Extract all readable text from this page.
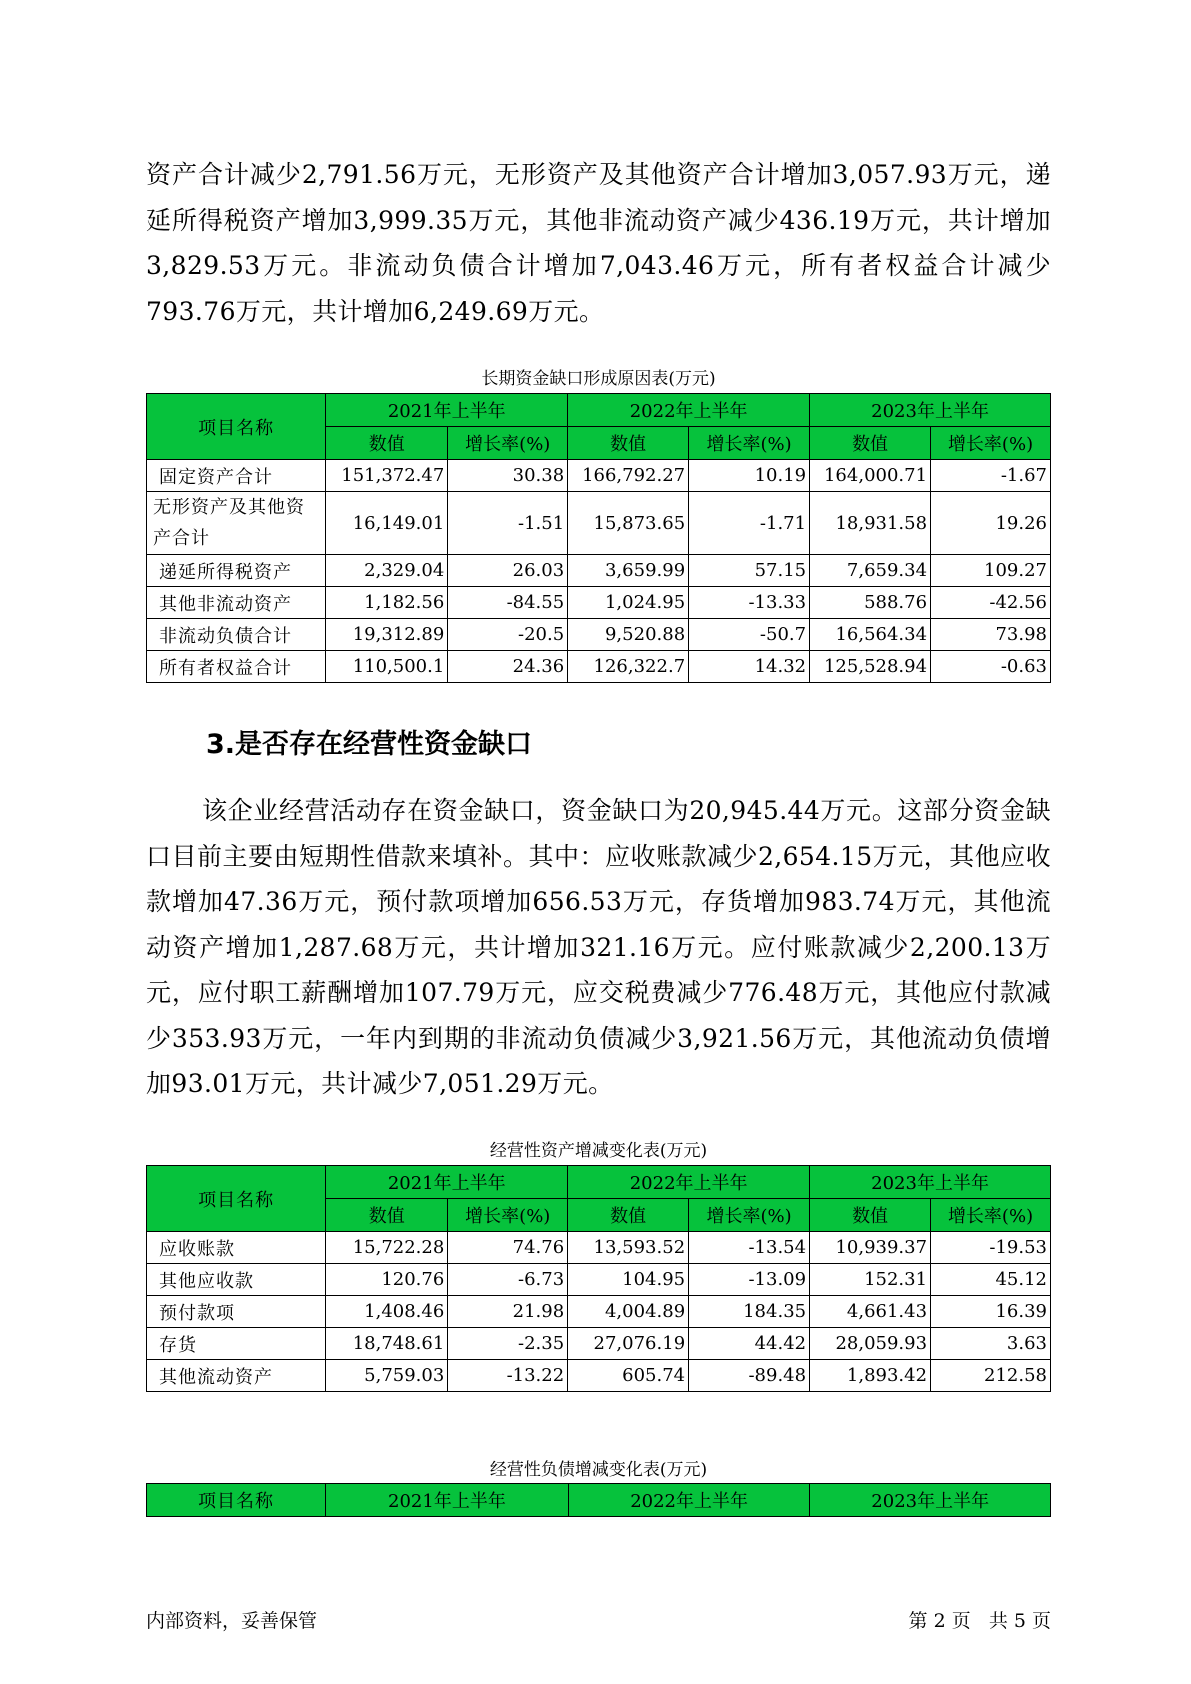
资产合计减少2,791.56万元，无形资产及其他资产合计增加3,057.93万元，递延所得税资产增加3,999.35万元，其他非流动资产减少436.19万元，共计增加3,829.53万元。非流动负债合计增加7,043.46万元，所有者权益合计减少793.76万元，共计增加6,249.69万元。

长期资金缺口形成原因表(万元)
项目名称	2021年上半年		2022年上半年		2023年上半年	
	数值	增长率(%)	数值	增长率(%)	数值	增长率(%)
固定资产合计	151,372.47	30.38	166,792.27	10.19	164,000.71	-1.67
无形资产及其他资产合计	16,149.01	-1.51	15,873.65	-1.71	18,931.58	19.26
递延所得税资产	2,329.04	26.03	3,659.99	57.15	7,659.34	109.27
其他非流动资产	1,182.56	-84.55	1,024.95	-13.33	588.76	-42.56
非流动负债合计	19,312.89	-20.5	9,520.88	-50.7	16,564.34	73.98
所有者权益合计	110,500.1	24.36	126,322.7	14.32	125,528.94	-0.63
3.是否存在经营性资金缺口

该企业经营活动存在资金缺口，资金缺口为20,945.44万元。这部分资金缺口目前主要由短期性借款来填补。其中：应收账款减少2,654.15万元，其他应收款增加47.36万元，预付款项增加656.53万元，存货增加983.74万元，其他流动资产增加1,287.68万元，共计增加321.16万元。应付账款减少2,200.13万元，应付职工薪酬增加107.79万元，应交税费减少776.48万元，其他应付款减少353.93万元，一年内到期的非流动负债减少3,921.56万元，其他流动负债增加93.01万元，共计减少7,051.29万元。

经营性资产增减变化表(万元)
项目名称	2021年上半年		2022年上半年		2023年上半年	
	数值	增长率(%)	数值	增长率(%)	数值	增长率(%)
应收账款	15,722.28	74.76	13,593.52	-13.54	10,939.37	-19.53
其他应收款	120.76	-6.73	104.95	-13.09	152.31	45.12
预付款项	1,408.46	21.98	4,004.89	184.35	4,661.43	16.39
存货	18,748.61	-2.35	27,076.19	44.42	28,059.93	3.63
其他流动资产	5,759.03	-13.22	605.74	-89.48	1,893.42	212.58
经营性负债增减变化表(万元)
项目名称	2021年上半年	2022年上半年	2023年上半年
内部资料，妥善保管	第 2 页   共 5 页
